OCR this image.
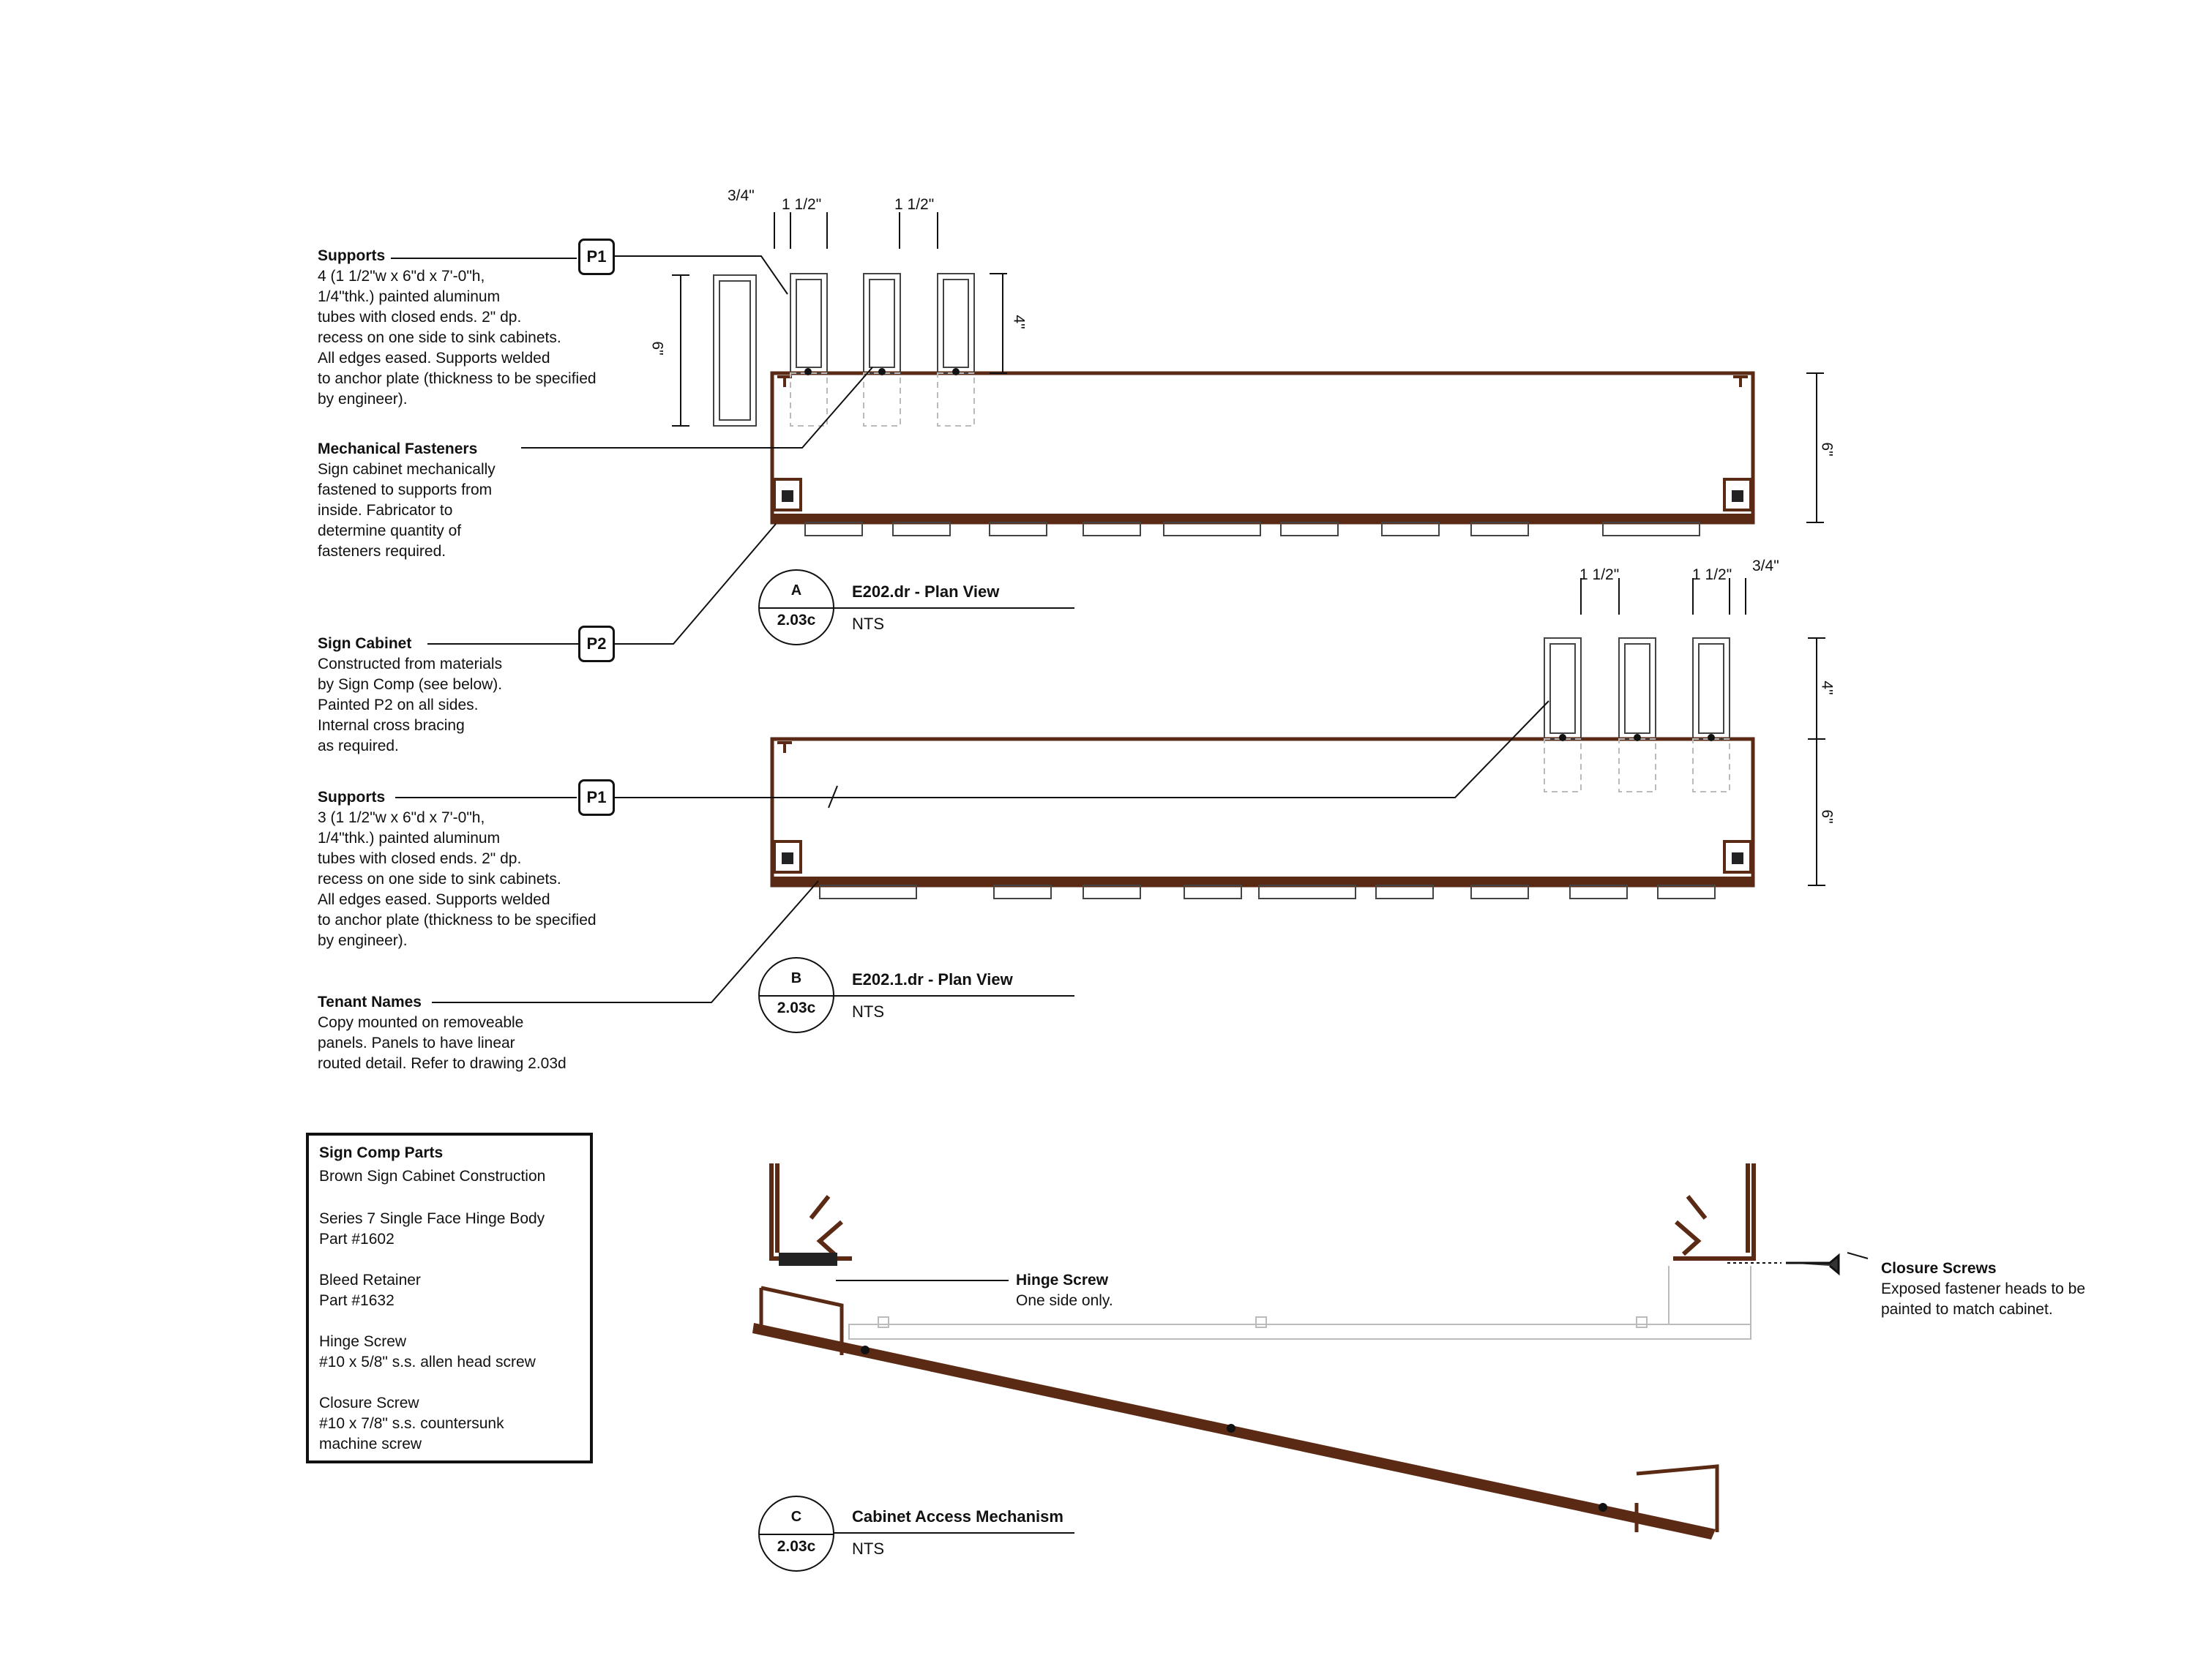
Supports
4 (1 1/2"w x 6"d x 7'-0"h,
1/4"thk.) painted aluminum
tubes with closed ends. 2" dp.
recess on one side to sink cabinets.
All edges eased. Supports welded
to anchor plate (thickness to be specified
by engineer).
Mechanical Fasteners
Sign cabinet mechanically
fastened to supports from
inside. Fabricator to
determine quantity of
fasteners required.
Sign Cabinet
Constructed from materials
by Sign Comp (see below).
Painted P2 on all sides.
Internal cross bracing
as required.
Supports
3 (1 1/2"w x 6"d x 7'-0"h,
1/4"thk.) painted aluminum
tubes with closed ends. 2" dp.
recess on one side to sink cabinets.
All edges eased. Supports welded
to anchor plate (thickness to be specified
by engineer).
Tenant Names
Copy mounted on removeable
panels. Panels to have linear
routed detail. Refer to drawing 2.03d
Hinge Screw
One side only.
Closure Screws
Exposed fastener heads to be
painted to match cabinet.
P1
P2
P1
A
2.03c
E202.dr - Plan View
NTS
B
2.03c
E202.1.dr - Plan View
NTS
C
2.03c
Cabinet Access Mechanism
NTS
3/4"
1 1/2"	1 1/2"
4"
6"
6"
1 1/2"	1 1/2"
3/4"
4"
6"
Sign Comp Parts
Brown Sign Cabinet Construction
Series 7 Single Face Hinge Body
Part #1602
Bleed Retainer
Part #1632
Hinge Screw
#10 x 5/8" s.s. allen head screw
Closure Screw
#10 x 7/8" s.s. countersunk
machine screw
